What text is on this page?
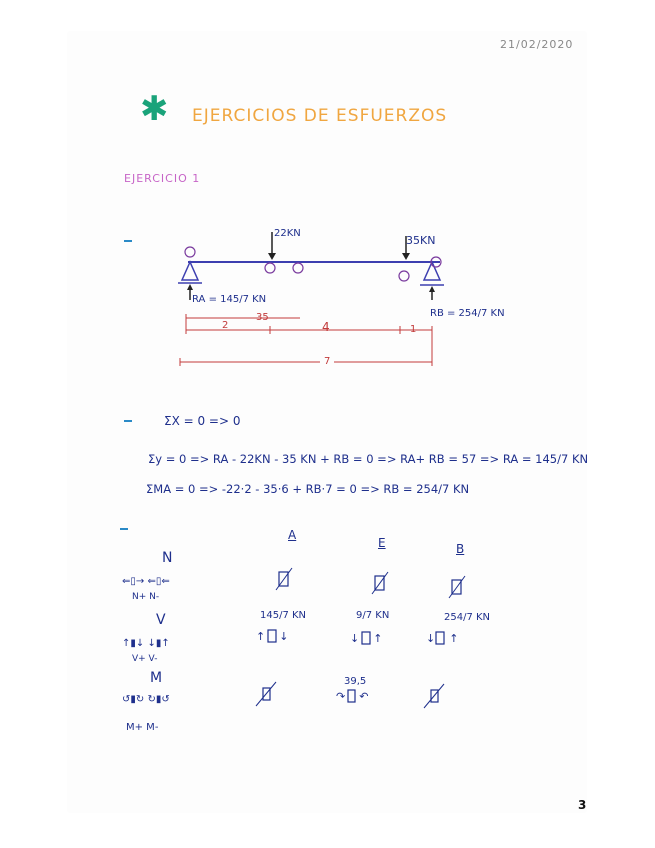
21/02/2020
✱ EJERCICIOS DE ESFUERZOS
EJERCICIO 1
22KN
35KN
RA = 145/7 KN
RB = 254/7 KN
2
35
4	1
7
ΣX = 0 => 0
Σy = 0 => RA - 22KN - 35 KN + RB = 0 => RA+ RB = 57 => RA = 145/7 KN
ΣMA = 0 => -22·2 - 35·6 + RB·7 = 0 => RB = 254/7 KN
N
⇐▯→ ⇐▯⇐
N+ N-
V
↑▮↓ ↓▮↑
V+ V-
M
↺▮↻ ↻▮↺
M+ M-
A
E	B
145/7 KN
↑    ↓
9/7 KN
↓    ↑
254/7 KN
↓    ↑
39,5
↷    ↶
3
